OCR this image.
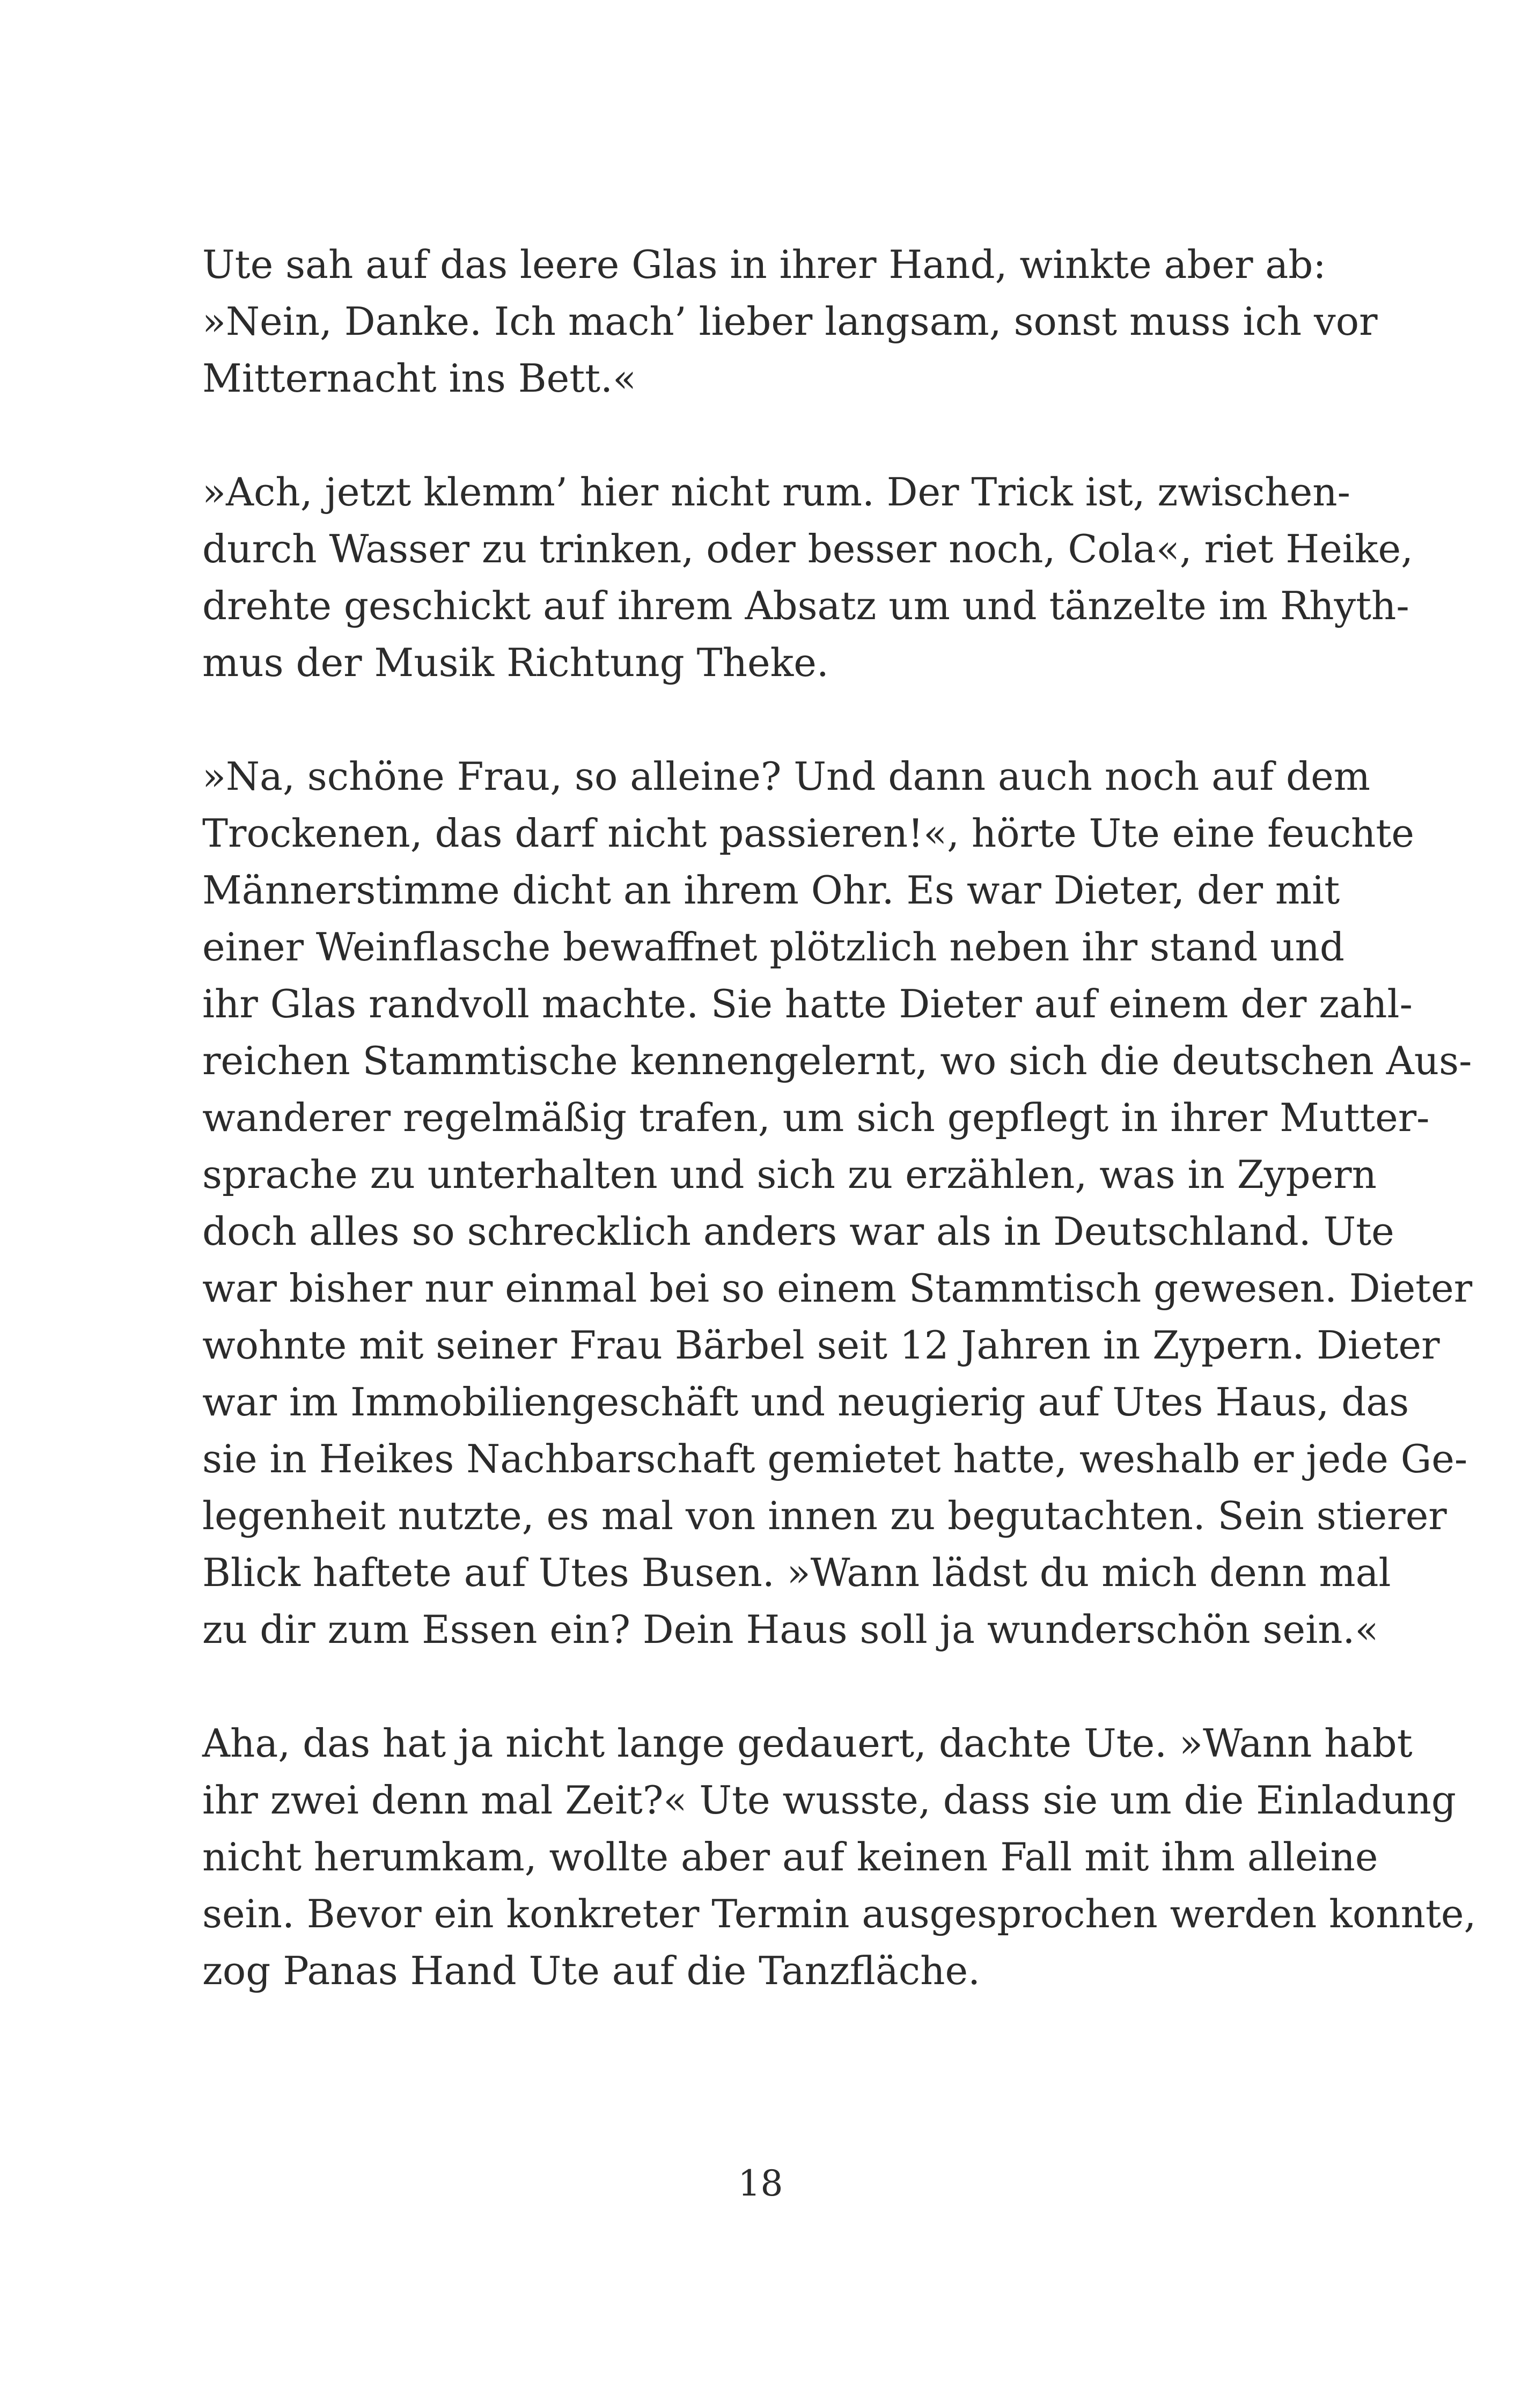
Ute sah auf das leere Glas in ihrer Hand, winkte aber ab:
»Nein, Danke. Ich mach’ lieber langsam, sonst muss ich vor
Mitternacht ins Bett.«
»Ach, jetzt klemm’ hier nicht rum. Der Trick ist, zwischen-
durch Wasser zu trinken, oder besser noch, Cola«, riet Heike,
drehte geschickt auf ihrem Absatz um und tänzelte im Rhyth-
mus der Musik Richtung Theke.
»Na, schöne Frau, so alleine? Und dann auch noch auf dem
Trockenen, das darf nicht passieren!«, hörte Ute eine feuchte
Männerstimme dicht an ihrem Ohr. Es war Dieter, der mit
einer Weinflasche bewaffnet plötzlich neben ihr stand und
ihr Glas randvoll machte. Sie hatte Dieter auf einem der zahl-
reichen Stammtische kennengelernt, wo sich die deutschen Aus-
wanderer regelmäßig trafen, um sich gepflegt in ihrer Mutter-
sprache zu unterhalten und sich zu erzählen, was in Zypern
doch alles so schrecklich anders war als in Deutschland. Ute
war bisher nur einmal bei so einem Stammtisch gewesen. Dieter
wohnte mit seiner Frau Bärbel seit 12 Jahren in Zypern. Dieter
war im Immobiliengeschäft und neugierig auf Utes Haus, das
sie in Heikes Nachbarschaft gemietet hatte, weshalb er jede Ge-
legenheit nutzte, es mal von innen zu begutachten. Sein stierer
Blick haftete auf Utes Busen. »Wann lädst du mich denn mal
zu dir zum Essen ein? Dein Haus soll ja wunderschön sein.«
Aha, das hat ja nicht lange gedauert, dachte Ute. »Wann habt
ihr zwei denn mal Zeit?« Ute wusste, dass sie um die Einladung
nicht herumkam, wollte aber auf keinen Fall mit ihm alleine
sein. Bevor ein konkreter Termin ausgesprochen werden konnte,
zog Panas Hand Ute auf die Tanzfläche.
18
